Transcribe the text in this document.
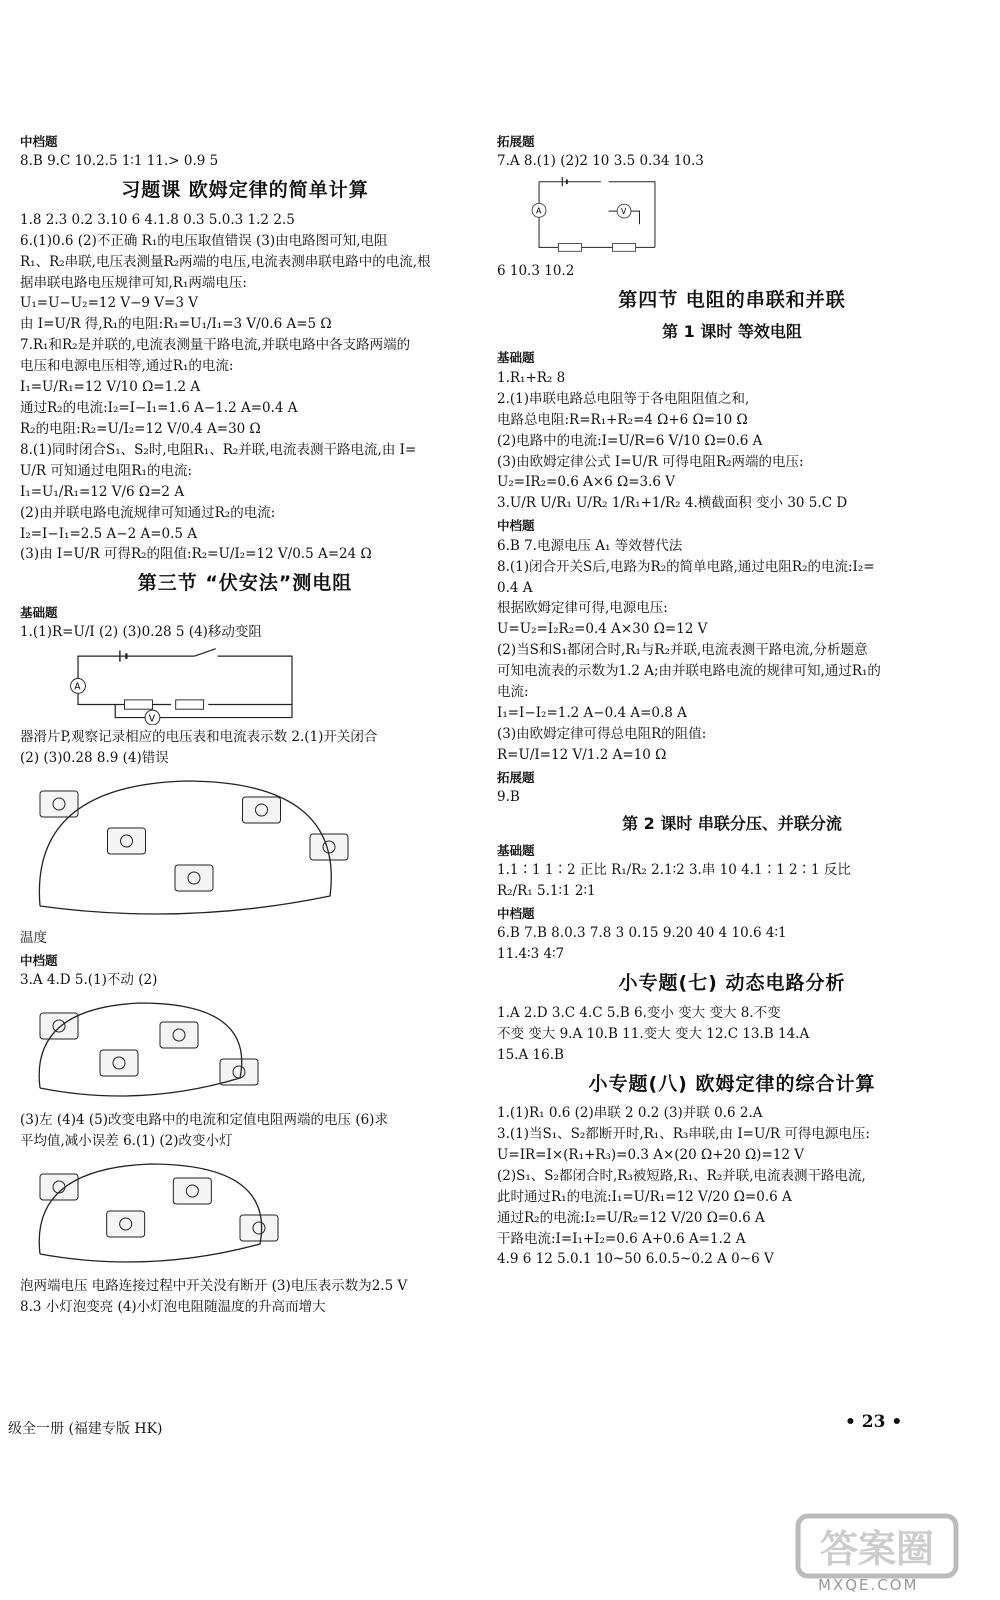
中档题
8.B 9.C 10.2.5 1∶1 11.> 0.9 5
习题课 欧姆定律的简单计算
1.8 2.3 0.2 3.10 6 4.1.8 0.3 5.0.3 1.2 2.5
6.(1)0.6 (2)不正确 R₁的电压取值错误 (3)由电路图可知,电阻
R₁、R₂串联,电压表测量R₂两端的电压,电流表测串联电路中的电流,根
据串联电路电压规律可知,R₁两端电压:
U₁=U−U₂=12 V−9 V=3 V
由 I=U/R 得,R₁的电阻:R₁=U₁/I₁=3 V/0.6 A=5 Ω
7.R₁和R₂是并联的,电流表测量干路电流,并联电路中各支路两端的
电压和电源电压相等,通过R₁的电流:
I₁=U/R₁=12 V/10 Ω=1.2 A
通过R₂的电流:I₂=I−I₁=1.6 A−1.2 A=0.4 A
R₂的电阻:R₂=U/I₂=12 V/0.4 A=30 Ω
8.(1)同时闭合S₁、S₂时,电阻R₁、R₂并联,电流表测干路电流,由 I=
U/R 可知通过电阻R₁的电流:
I₁=U₁/R₁=12 V/6 Ω=2 A
(2)由并联电路电流规律可知通过R₂的电流:
I₂=I−I₁=2.5 A−2 A=0.5 A
(3)由 I=U/R 可得R₂的阻值:R₂=U/I₂=12 V/0.5 A=24 Ω
第三节 “伏安法”测电阻
基础题
1.(1)R=U/I (2) (3)0.28 5 (4)移动变阻
A
V
器滑片P,观察记录相应的电压表和电流表示数 2.(1)开关闭合
(2) (3)0.28 8.9 (4)错误
温度
中档题
3.A 4.D 5.(1)不动 (2)
(3)左 (4)4 (5)改变电路中的电流和定值电阻两端的电压 (6)求
平均值,减小误差 6.(1) (2)改变小灯
泡两端电压 电路连接过程中开关没有断开 (3)电压表示数为2.5 V
8.3 小灯泡变亮 (4)小灯泡电阻随温度的升高而增大
拓展题
7.A 8.(1) (2)2 10 3.5 0.34 10.3
A	V
6 10.3 10.2
第四节 电阻的串联和并联
第 1 课时 等效电阻
基础题
1.R₁+R₂ 8
2.(1)串联电路总电阻等于各电阻阻值之和,
电路总电阻:R=R₁+R₂=4 Ω+6 Ω=10 Ω
(2)电路中的电流:I=U/R=6 V/10 Ω=0.6 A
(3)由欧姆定律公式 I=U/R 可得电阻R₂两端的电压:
U₂=IR₂=0.6 A×6 Ω=3.6 V
3.U/R U/R₁ U/R₂ 1/R₁+1/R₂ 4.横截面积 变小 30 5.C D
中档题
6.B 7.电源电压 A₁ 等效替代法
8.(1)闭合开关S后,电路为R₂的简单电路,通过电阻R₂的电流:I₂=
0.4 A
根据欧姆定律可得,电源电压:
U=U₂=I₂R₂=0.4 A×30 Ω=12 V
(2)当S和S₁都闭合时,R₁与R₂并联,电流表测干路电流,分析题意
可知电流表的示数为1.2 A;由并联电路电流的规律可知,通过R₁的
电流:
I₁=I−I₂=1.2 A−0.4 A=0.8 A
(3)由欧姆定律可得总电阻R的阻值:
R=U/I=12 V/1.2 A=10 Ω
拓展题
9.B
第 2 课时 串联分压、并联分流
基础题
1.1∶1 1∶2 正比 R₁/R₂ 2.1∶2 3.串 10 4.1∶1 2∶1 反比
R₂/R₁ 5.1∶1 2∶1
中档题
6.B 7.B 8.0.3 7.8 3 0.15 9.20 40 4 10.6 4∶1
11.4∶3 4∶7
小专题(七) 动态电路分析
1.A 2.D 3.C 4.C 5.B 6.变小 变大 变大 8.不变
不变 变大 9.A 10.B 11.变大 变大 12.C 13.B 14.A
15.A 16.B
小专题(八) 欧姆定律的综合计算
1.(1)R₁ 0.6 (2)串联 2 0.2 (3)并联 0.6 2.A
3.(1)当S₁、S₂都断开时,R₁、R₃串联,由 I=U/R 可得电源电压:
U=IR=I×(R₁+R₃)=0.3 A×(20 Ω+20 Ω)=12 V
(2)S₁、S₂都闭合时,R₃被短路,R₁、R₂并联,电流表测干路电流,
此时通过R₁的电流:I₁=U/R₁=12 V/20 Ω=0.6 A
通过R₂的电流:I₂=U/R₂=12 V/20 Ω=0.6 A
干路电流:I=I₁+I₂=0.6 A+0.6 A=1.2 A
4.9 6 12 5.0.1 10~50 6.0.5~0.2 A 0~6 V
级全一册 (福建专版 HK)	• 23 •
答案圈
MXQE.COM
